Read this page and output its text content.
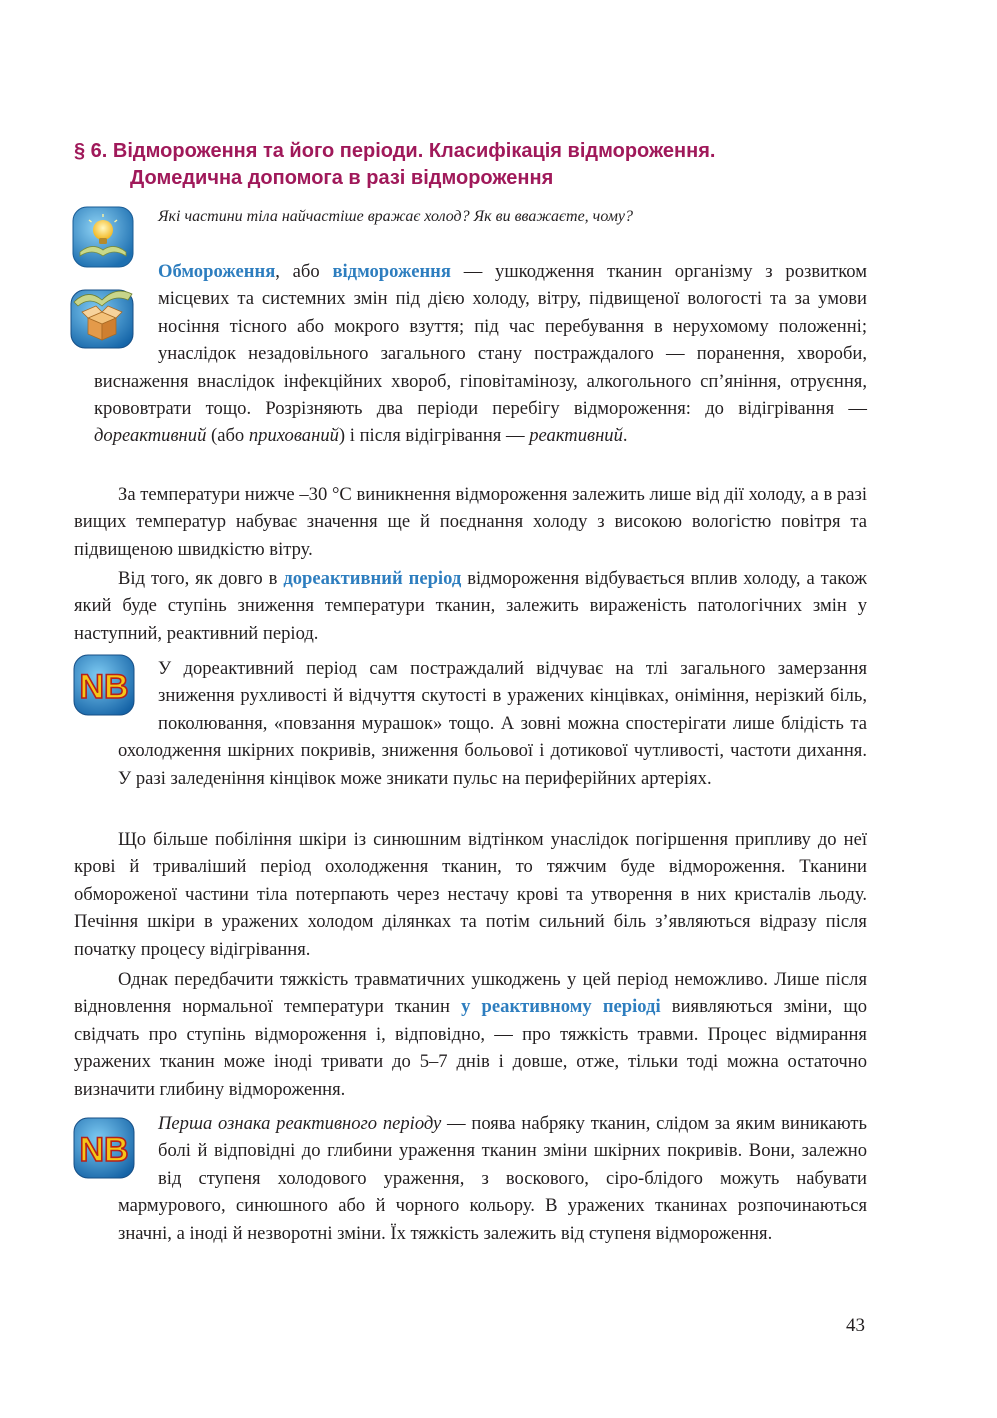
§ 6. Відмороження та його періоди. Класифікація відмороження.
Домедична допомога в разі відмороження
Які частини тіла найчастіше вражає холод? Як ви вважаєте, чому?

Обмороження, або відмороження — ушкодження тканин організму з розвитком місцевих та системних змін під дією холоду, вітру, підвищеної вологості та за умови носіння тісного або мокрого взуття; під час перебування в нерухомому положенні; унаслідок незадовільного загального стану постраждалого — поранення, хвороби, виснаження внаслідок інфекційних хвороб, гіповітамінозу, алкогольного сп’яніння, отруєння, крововтрати тощо. Розрізняють два періоди перебігу відмороження: до відігрівання — дореактивний (або прихований) і після відігрівання — реактивний.

За температури нижче –30 °С виникнення відмороження залежить лише від дії холоду, а в разі вищих температур набуває значення ще й поєднання холоду з високою вологістю повітря та підвищеною швидкістю вітру.

Від того, як довго в дореактивний період відмороження відбувається вплив холоду, а також який буде ступінь зниження температури тканин, залежить вираженість патологічних змін у наступний, реактивний період.

NB	У дореактивний період сам постраждалий відчуває на тлі загального замерзання зниження рухливості й відчуття скутості в уражених кінцівках, оніміння, нерізкий біль, поколювання, «повзання мурашок» тощо. А зовні можна спостерігати лише блідість та охолодження шкірних покривів, зниження больової і дотикової чутливості, частоти дихання. У разі заледеніння кінцівок може зникати пульс на периферійних артеріях.

Що більше побіління шкіри із синюшним відтінком унаслідок погіршення припливу до неї крові й триваліший період охолодження тканин, то тяжчим буде відмороження. Тканини обмороженої частини тіла потерпають через нестачу крові та утворення в них кристалів льоду. Печіння шкіри в уражених холодом ділянках та потім сильний біль з’являються відразу після початку процесу відігрівання.

Однак передбачити тяжкість травматичних ушкоджень у цей період неможливо. Лише після відновлення нормальної температури тканин у реактивному періоді виявляються зміни, що свідчать про ступінь відмороження і, відповідно, — про тяжкість травми. Процес відмирання уражених тканин може іноді тривати до 5–7 днів і довше, отже, тільки тоді можна остаточно визначити глибину відмороження.

NB

Перша ознака реактивного періоду — поява набряку тканин, слідом за яким виникають болі й відповідні до глибини ураження тканин зміни шкірних покривів. Вони, залежно від ступеня холодового ураження, з воскового, сіро-блідого можуть набувати мармурового, синюшного або й чорного кольору. В уражених тканинах розпочинаються значні, а іноді й незворотні зміни. Їх тяжкість залежить від ступеня відмороження.

43
